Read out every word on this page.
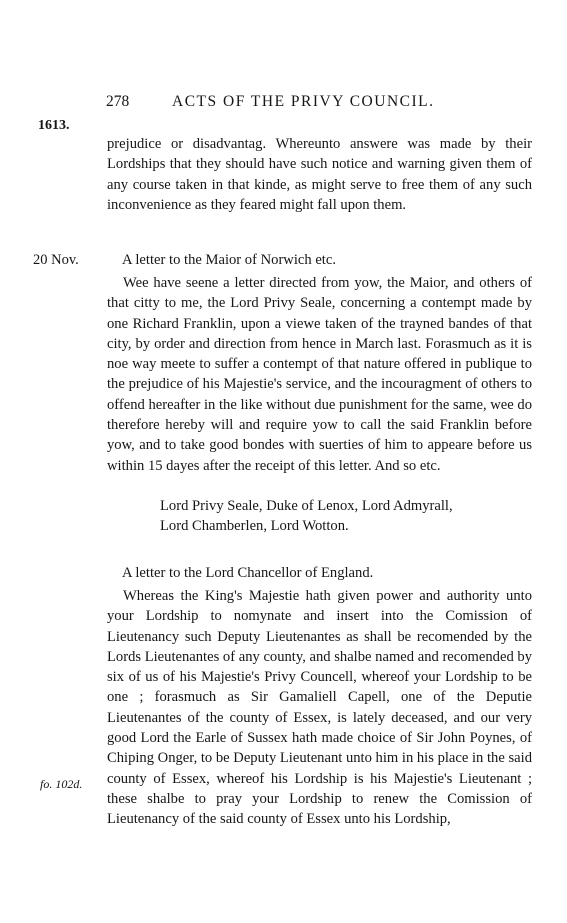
278	ACTS OF THE PRIVY COUNCIL.
1613.
prejudice or disadvantag. Whereunto answere was made by their Lordships that they should have such notice and warning given them of any course taken in that kinde, as might serve to free them of any such inconvenience as they feared might fall upon them.
20 Nov.	A letter to the Maior of Norwich etc.
Wee have seene a letter directed from yow, the Maior, and others of that citty to me, the Lord Privy Seale, concerning a contempt made by one Richard Franklin, upon a viewe taken of the trayned bandes of that city, by order and direction from hence in March last. Forasmuch as it is noe way meete to suffer a contempt of that nature offered in publique to the prejudice of his Majestie's service, and the incouragment of others to offend hereafter in the like without due punishment for the same, wee do therefore hereby will and require yow to call the said Franklin before yow, and to take good bondes with suerties of him to appeare before us within 15 dayes after the receipt of this letter. And so etc.
Lord Privy Seale, Duke of Lenox, Lord Admyrall,

Lord Chamberlen, Lord Wotton.
A letter to the Lord Chancellor of England.
Whereas the King's Majestie hath given power and authority unto your Lordship to nomynate and insert into the Comission of Lieutenancy such Deputy Lieutenantes as shall be recomended by the Lords Lieutenantes of any county, and shalbe named and recomended by six of us of his Majestie's Privy Councell, whereof your Lordship to be one ; forasmuch as Sir Gamaliell Capell, one of the Deputie Lieutenantes of the county of Essex, is lately deceased, and our very good Lord the Earle of Sussex hath made choice of Sir John Poynes, of Chiping Onger, to be Deputy Lieutenant unto him in his place in the said county of Essex, whereof his Lordship is his Majestie's Lieutenant ; these shalbe to pray your Lordship to renew the Comission of Lieutenancy of the said county of Essex unto his Lordship,
fo. 102d.
